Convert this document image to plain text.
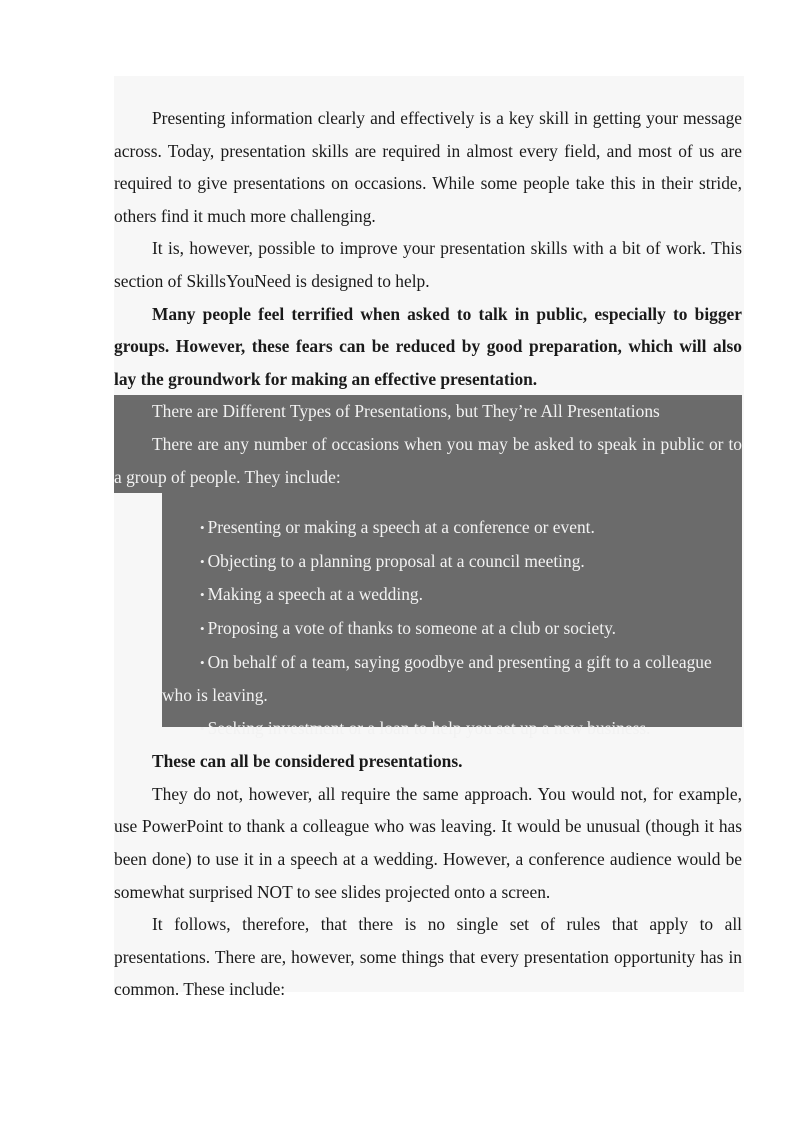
Presenting information clearly and effectively is a key skill in getting your message across. Today, presentation skills are required in almost every field, and most of us are required to give presentations on occasions. While some people take this in their stride, others find it much more challenging.

It is, however, possible to improve your presentation skills with a bit of work. This section of SkillsYouNeed is designed to help.

Many people feel terrified when asked to talk in public, especially to bigger groups. However, these fears can be reduced by good preparation, which will also lay the groundwork for making an effective presentation.

There are Different Types of Presentations, but They’re All Presentations

There are any number of occasions when you may be asked to speak in public or to a group of people. They include:

• Presenting or making a speech at a conference or event.
• Objecting to a planning proposal at a council meeting.
• Making a speech at a wedding.
• Proposing a vote of thanks to someone at a club or society.
• On behalf of a team, saying goodbye and presenting a gift to a colleague who is leaving.
• Seeking investment or a loan to help you set up a new business.

These can all be considered presentations.

They do not, however, all require the same approach. You would not, for example, use PowerPoint to thank a colleague who was leaving. It would be unusual (though it has been done) to use it in a speech at a wedding. However, a conference audience would be somewhat surprised NOT to see slides projected onto a screen.

It follows, therefore, that there is no single set of rules that apply to all presentations. There are, however, some things that every presentation opportunity has in common. These include:
